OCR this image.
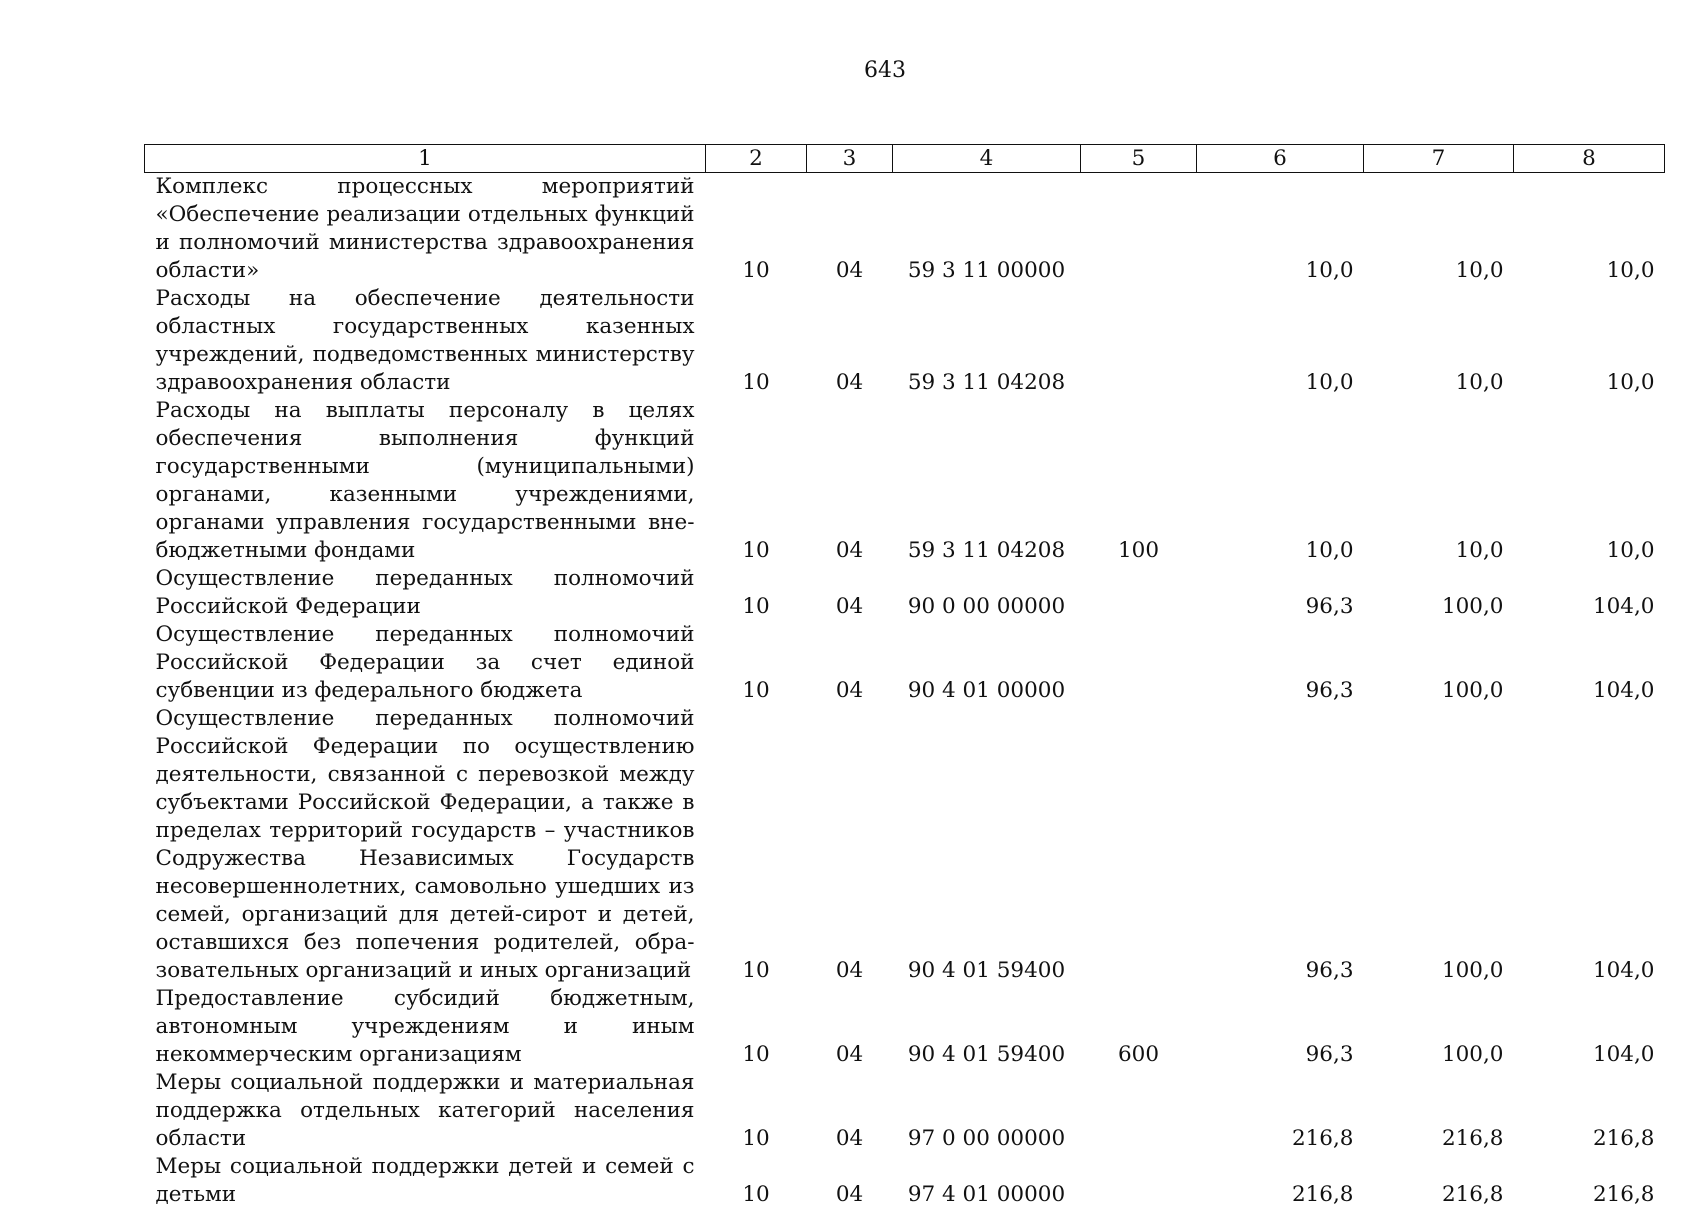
643
1	2	3	4	5	6	7	8
Комплекс процессных мероприятий «Обеспечение реализации отдельных функций и полномочий министерства здравоохранения области»	10	04	59 3 11 00000		10,0	10,0	10,0
Расходы на обеспечение деятельности областных государственных казенных учреждений, подведомственных министерству здравоохранения области	10	04	59 3 11 04208		10,0	10,0	10,0
Расходы на выплаты персоналу в целях обеспечения выполнения функций государственными (муниципальными) органами, казенными учреждениями, органами управления государственными внебюджетными фондами	10	04	59 3 11 04208	100	10,0	10,0	10,0
Осуществление переданных полномочий Российской Федерации	10	04	90 0 00 00000		96,3	100,0	104,0
Осуществление переданных полномочий Российской Федерации за счет единой субвенции из федерального бюджета	10	04	90 4 01 00000		96,3	100,0	104,0
Осуществление переданных полномочий Российской Федерации по осуществлению деятельности, связанной с перевозкой между субъектами Российской Федерации, а также в пределах территорий государств – участников Содружества Независимых Государств несовершеннолетних, самовольно ушедших из семей, организаций для детей-сирот и детей, оставшихся без попечения родителей, образовательных организаций и иных организаций	10	04	90 4 01 59400		96,3	100,0	104,0
Предоставление субсидий бюджетным, автономным учреждениям и иным некоммерческим организациям	10	04	90 4 01 59400	600	96,3	100,0	104,0
Меры социальной поддержки и материальная поддержка отдельных категорий населения области	10	04	97 0 00 00000		216,8	216,8	216,8
Меры социальной поддержки детей и семей с детьми	10	04	97 4 01 00000		216,8	216,8	216,8
